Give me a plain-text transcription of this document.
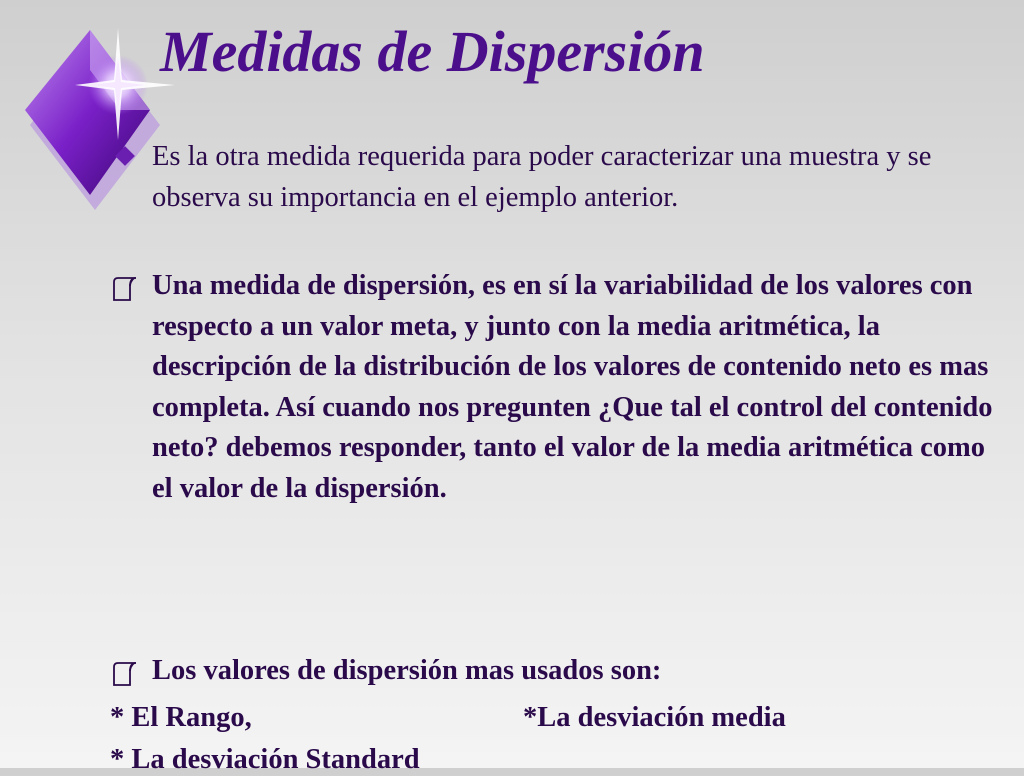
Medidas de Dispersión
Es la otra medida requerida para poder caracterizar una muestra y se observa su importancia en el ejemplo anterior.
Una medida de dispersión, es en sí la variabilidad de los valores con respecto a un valor meta, y junto con la media aritmética, la descripción de la distribución de los valores de contenido neto es mas completa. Así cuando nos pregunten ¿Que tal el control del contenido neto? debemos responder, tanto el valor de la media aritmética como el valor de la dispersión.
Los valores de dispersión mas usados son:
* El Rango,	*La desviación media
* La desviación Standard
